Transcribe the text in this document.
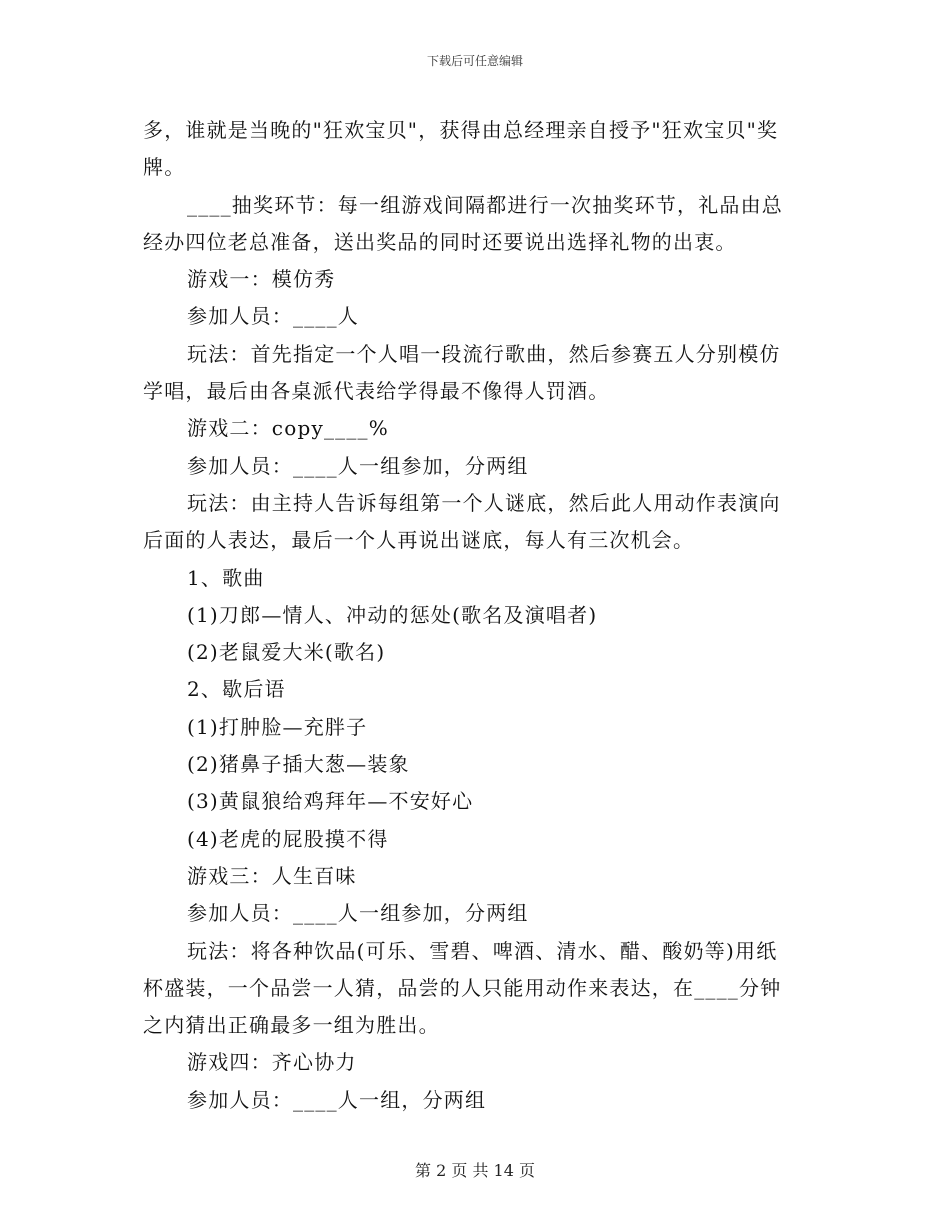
下载后可任意编辑
多，谁就是当晚的"狂欢宝贝"，获得由总经理亲自授予"狂欢宝贝"奖
牌。
____抽奖环节：每一组游戏间隔都进行一次抽奖环节，礼品由总
经办四位老总准备，送出奖品的同时还要说出选择礼物的出衷。
游戏一：模仿秀
参加人员：____人
玩法：首先指定一个人唱一段流行歌曲，然后参赛五人分别模仿
学唱，最后由各桌派代表给学得最不像得人罚酒。
游戏二：copy____%
参加人员：____人一组参加，分两组
玩法：由主持人告诉每组第一个人谜底，然后此人用动作表演向
后面的人表达，最后一个人再说出谜底，每人有三次机会。
1、歌曲
(1)刀郎—情人、冲动的惩处(歌名及演唱者)
(2)老鼠爱大米(歌名)
2、歇后语
(1)打肿脸—充胖子
(2)猪鼻子插大葱—装象
(3)黄鼠狼给鸡拜年—不安好心
(4)老虎的屁股摸不得
游戏三：人生百味
参加人员：____人一组参加，分两组
玩法：将各种饮品(可乐、雪碧、啤酒、清水、醋、酸奶等)用纸
杯盛装，一个品尝一人猜，品尝的人只能用动作来表达，在____分钟
之内猜出正确最多一组为胜出。
游戏四：齐心协力
参加人员：____人一组，分两组
第 2 页 共 14 页
